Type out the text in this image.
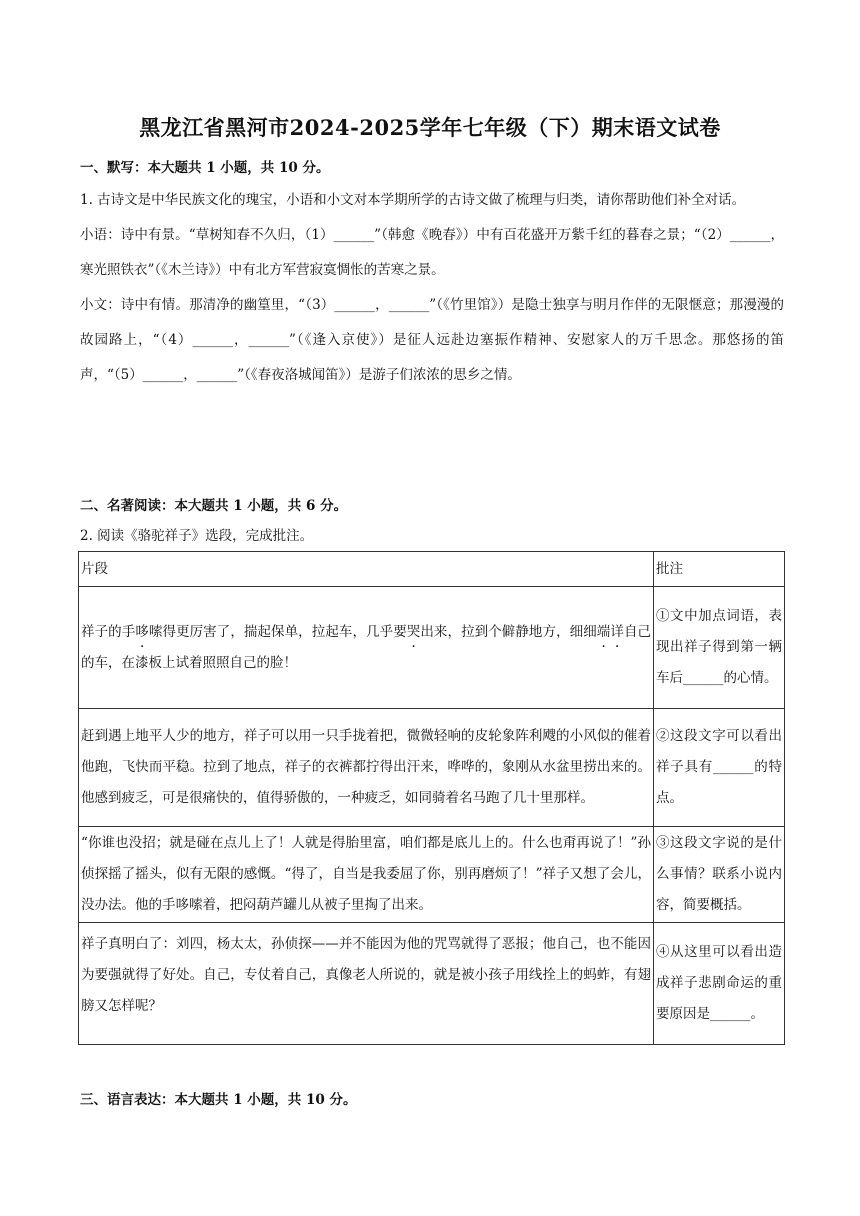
黑龙江省黑河市2024-2025学年七年级（下）期末语文试卷
一、默写：本大题共 1 小题，共 10 分。

1. 古诗文是中华民族文化的瑰宝，小语和小文对本学期所学的古诗文做了梳理与归类，请你帮助他们补全对话。

小语：诗中有景。“草树知春不久归，（1）______”（韩愈《晚春》）中有百花盛开万紫千红的暮春之景；“（2）______，寒光照铁衣”（《木兰诗》）中有北方军营寂寞惆怅的苦寒之景。

小文：诗中有情。那清净的幽篁里，“（3）______，______”（《竹里馆》）是隐士独享与明月作伴的无限惬意；那漫漫的故园路上，“（4）______，______”（《逢入京使》）是征人远赴边塞振作精神、安慰家人的万千思念。那悠扬的笛声，“（5）______，______”（《春夜洛城闻笛》）是游子们浓浓的思乡之情。

二、名著阅读：本大题共 1 小题，共 6 分。
2. 阅读《骆驼祥子》选段，完成批注。
片段	批注
祥子的手哆嗦得更厉害了，揣起保单，拉起车，几乎要哭出来，拉到个僻静地方，细细端详自己的车，在漆板上试着照照自己的脸！	①文中加点词语，表现出祥子得到第一辆车后______的心情。
赶到遇上地平人少的地方，祥子可以用一只手拢着把，微微轻响的皮轮象阵利飕的小风似的催着他跑，飞快而平稳。拉到了地点，祥子的衣裤都拧得出汗来，哗哗的，象刚从水盆里捞出来的。他感到疲乏，可是很痛快的，值得骄傲的，一种疲乏，如同骑着名马跑了几十里那样。	②这段文字可以看出祥子具有______的特点。
“你谁也没招；就是碰在点儿上了！人就是得胎里富，咱们都是底儿上的。什么也甭再说了！”孙侦探摇了摇头，似有无限的感慨。“得了，自当是我委屈了你，别再磨烦了！”祥子又想了会儿，没办法。他的手哆嗦着，把闷葫芦罐儿从被子里掏了出来。	③这段文字说的是什么事情？联系小说内容，简要概括。
祥子真明白了：刘四，杨太太，孙侦探——并不能因为他的咒骂就得了恶报；他自己，也不能因为要强就得了好处。自己，专仗着自己，真像老人所说的，就是被小孩子用线拴上的蚂蚱，有翅膀又怎样呢？	④从这里可以看出造成祥子悲剧命运的重要原因是______。
三、语言表达：本大题共 1 小题，共 10 分。
